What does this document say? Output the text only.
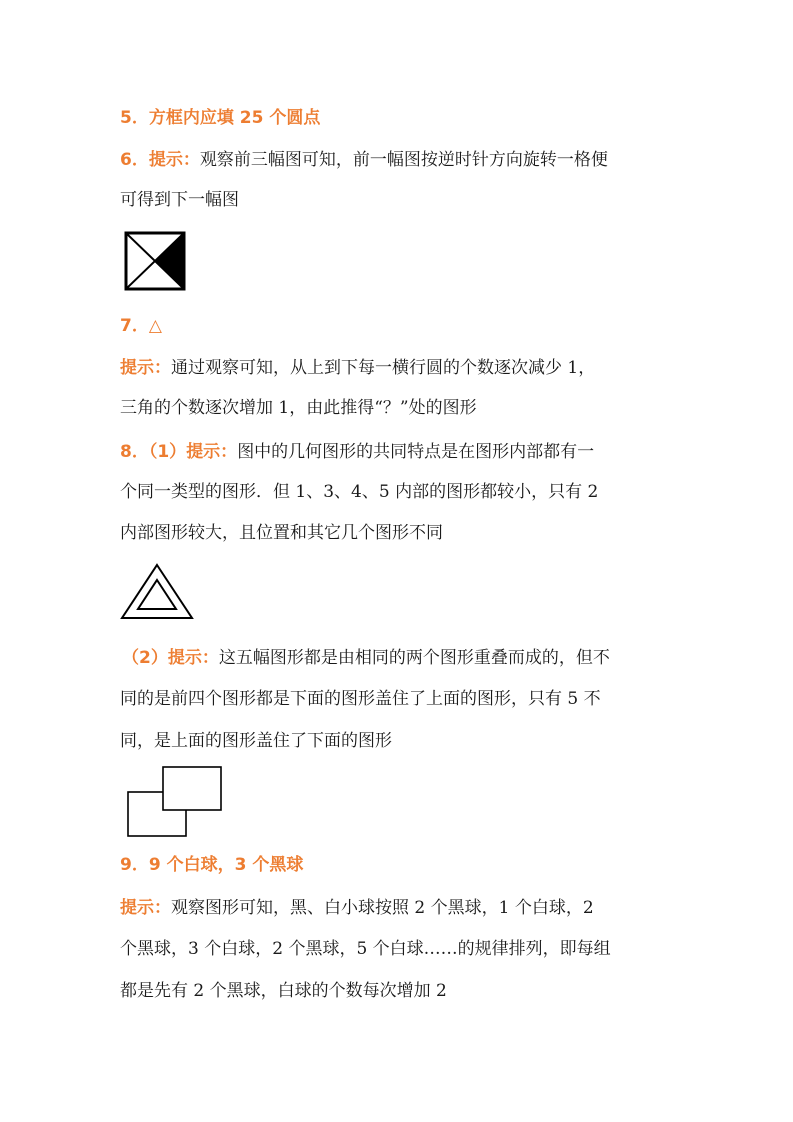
5．方框内应填 25 个圆点
6．提示：观察前三幅图可知，前一幅图按逆时针方向旋转一格便
可得到下一幅图
7．△
提示：通过观察可知，从上到下每一横行圆的个数逐次减少 1，
三角的个数逐次增加 1，由此推得“？”处的图形
8．（1）提示：图中的几何图形的共同特点是在图形内部都有一
个同一类型的图形．但 1、3、4、5 内部的图形都较小，只有 2
内部图形较大，且位置和其它几个图形不同
（2）提示：这五幅图形都是由相同的两个图形重叠而成的，但不
同的是前四个图形都是下面的图形盖住了上面的图形，只有 5 不
同，是上面的图形盖住了下面的图形
9．9 个白球，3 个黑球
提示：观察图形可知，黑、白小球按照 2 个黑球，1 个白球，2
个黑球，3 个白球，2 个黑球，5 个白球……的规律排列，即每组
都是先有 2 个黑球，白球的个数每次增加 2
